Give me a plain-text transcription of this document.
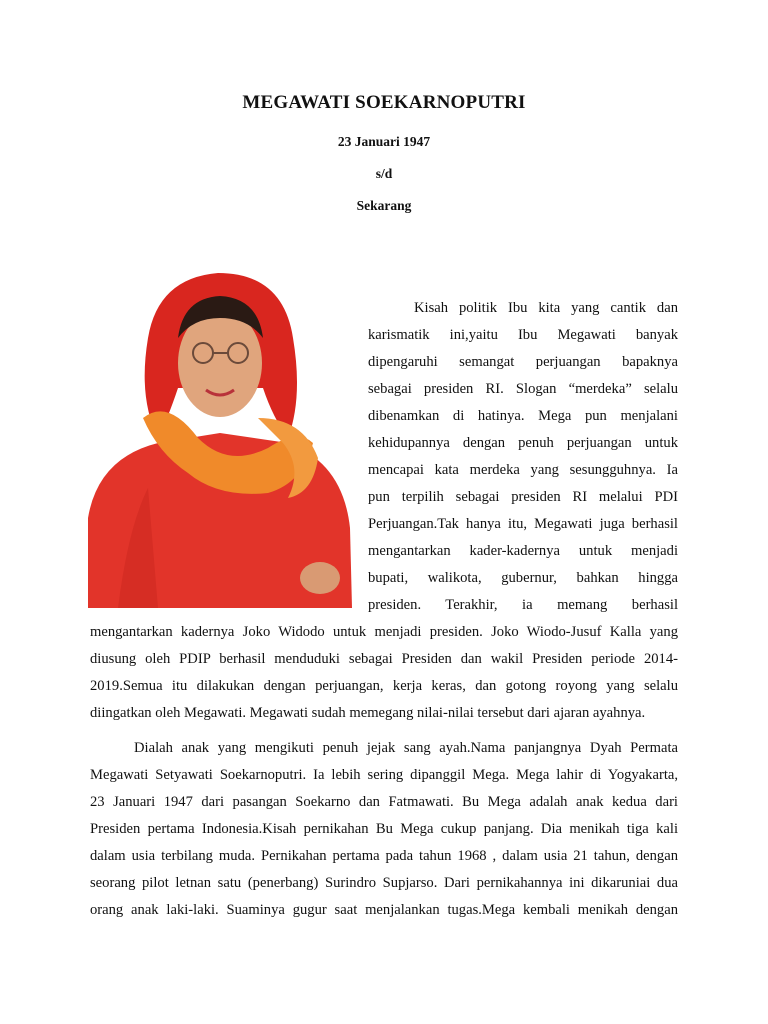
MEGAWATI SOEKARNOPUTRI
23 Januari 1947
s/d
Sekarang
Kisah politik Ibu kita yang cantik dan
karismatik ini,yaitu Ibu Megawati banyak
dipengaruhi semangat perjuangan bapaknya
sebagai presiden RI. Slogan “merdeka” selalu
dibenamkan di hatinya. Mega pun menjalani
kehidupannya dengan penuh perjuangan untuk
mencapai kata merdeka yang sesungguhnya. Ia
pun terpilih sebagai presiden RI melalui PDI
Perjuangan.Tak hanya itu, Megawati juga berhasil
mengantarkan kader-kadernya untuk menjadi
bupati, walikota, gubernur, bahkan hingga
presiden. Terakhir, ia memang berhasil
mengantarkan kadernya Joko Widodo untuk menjadi presiden. Joko Wiodo-Jusuf Kalla yang
diusung oleh PDIP berhasil menduduki sebagai Presiden dan wakil Presiden periode 2014-
2019.Semua itu dilakukan dengan perjuangan, kerja keras, dan gotong royong yang selalu
diingatkan oleh Megawati. Megawati sudah memegang nilai-nilai tersebut dari ajaran ayahnya.
Dialah anak yang mengikuti penuh jejak sang ayah.Nama panjangnya Dyah Permata
Megawati Setyawati Soekarnoputri. Ia lebih sering dipanggil Mega. Mega lahir di Yogyakarta,
23 Januari 1947 dari pasangan Soekarno dan Fatmawati. Bu Mega adalah anak kedua dari
Presiden pertama Indonesia.Kisah pernikahan Bu Mega cukup panjang. Dia menikah tiga kali
dalam usia terbilang muda. Pernikahan pertama pada tahun 1968 , dalam usia 21 tahun, dengan
seorang pilot letnan satu (penerbang) Surindro Supjarso. Dari pernikahannya ini dikaruniai dua
orang anak laki-laki. Suaminya gugur saat menjalankan tugas.Mega kembali menikah dengan
